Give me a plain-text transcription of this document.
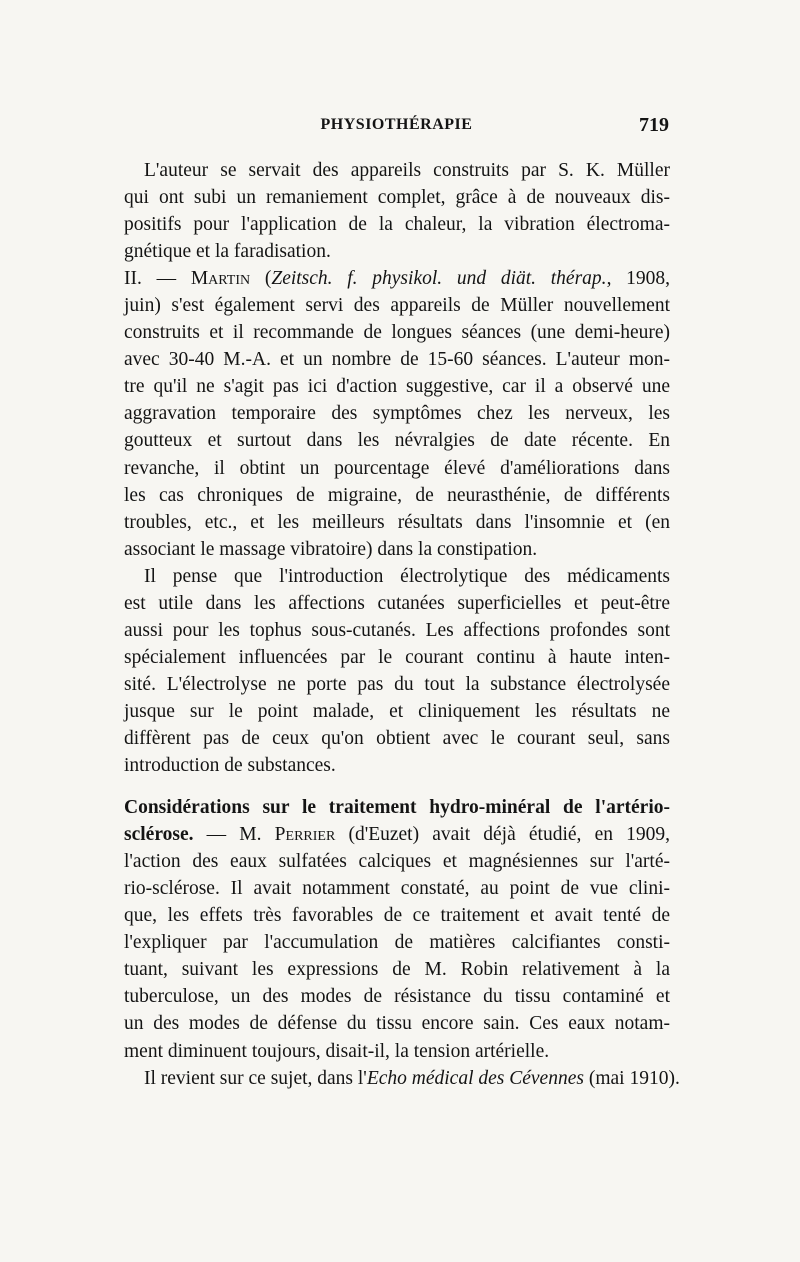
PHYSIOTHÉRAPIE	719
L'auteur se servait des appareils construits par S. K. Müller
qui ont subi un remaniement complet, grâce à de nouveaux dis-
positifs pour l'application de la chaleur, la vibration électroma-
gnétique et la faradisation.
II. — Martin (Zeitsch. f. physikol. und diät. thérap., 1908,
juin) s'est également servi des appareils de Müller nouvellement
construits et il recommande de longues séances (une demi-heure)
avec 30-40 M.-A. et un nombre de 15-60 séances. L'auteur mon-
tre qu'il ne s'agit pas ici d'action suggestive, car il a observé une
aggravation temporaire des symptômes chez les nerveux, les
goutteux et surtout dans les névralgies de date récente. En
revanche, il obtint un pourcentage élevé d'améliorations dans
les cas chroniques de migraine, de neurasthénie, de différents
troubles, etc., et les meilleurs résultats dans l'insomnie et (en
associant le massage vibratoire) dans la constipation.
Il pense que l'introduction électrolytique des médicaments
est utile dans les affections cutanées superficielles et peut-être
aussi pour les tophus sous-cutanés. Les affections profondes sont
spécialement influencées par le courant continu à haute inten-
sité. L'électrolyse ne porte pas du tout la substance électrolysée
jusque sur le point malade, et cliniquement les résultats ne
diffèrent pas de ceux qu'on obtient avec le courant seul, sans
introduction de substances.
Considérations sur le traitement hydro-minéral de l'artério-
sclérose. — M. Perrier (d'Euzet) avait déjà étudié, en 1909,
l'action des eaux sulfatées calciques et magnésiennes sur l'arté-
rio-sclérose. Il avait notamment constaté, au point de vue clini-
que, les effets très favorables de ce traitement et avait tenté de
l'expliquer par l'accumulation de matières calcifiantes consti-
tuant, suivant les expressions de M. Robin relativement à la
tuberculose, un des modes de résistance du tissu contaminé et
un des modes de défense du tissu encore sain. Ces eaux notam-
ment diminuent toujours, disait-il, la tension artérielle.
Il revient sur ce sujet, dans l'Echo médical des Cévennes (mai 1910).
